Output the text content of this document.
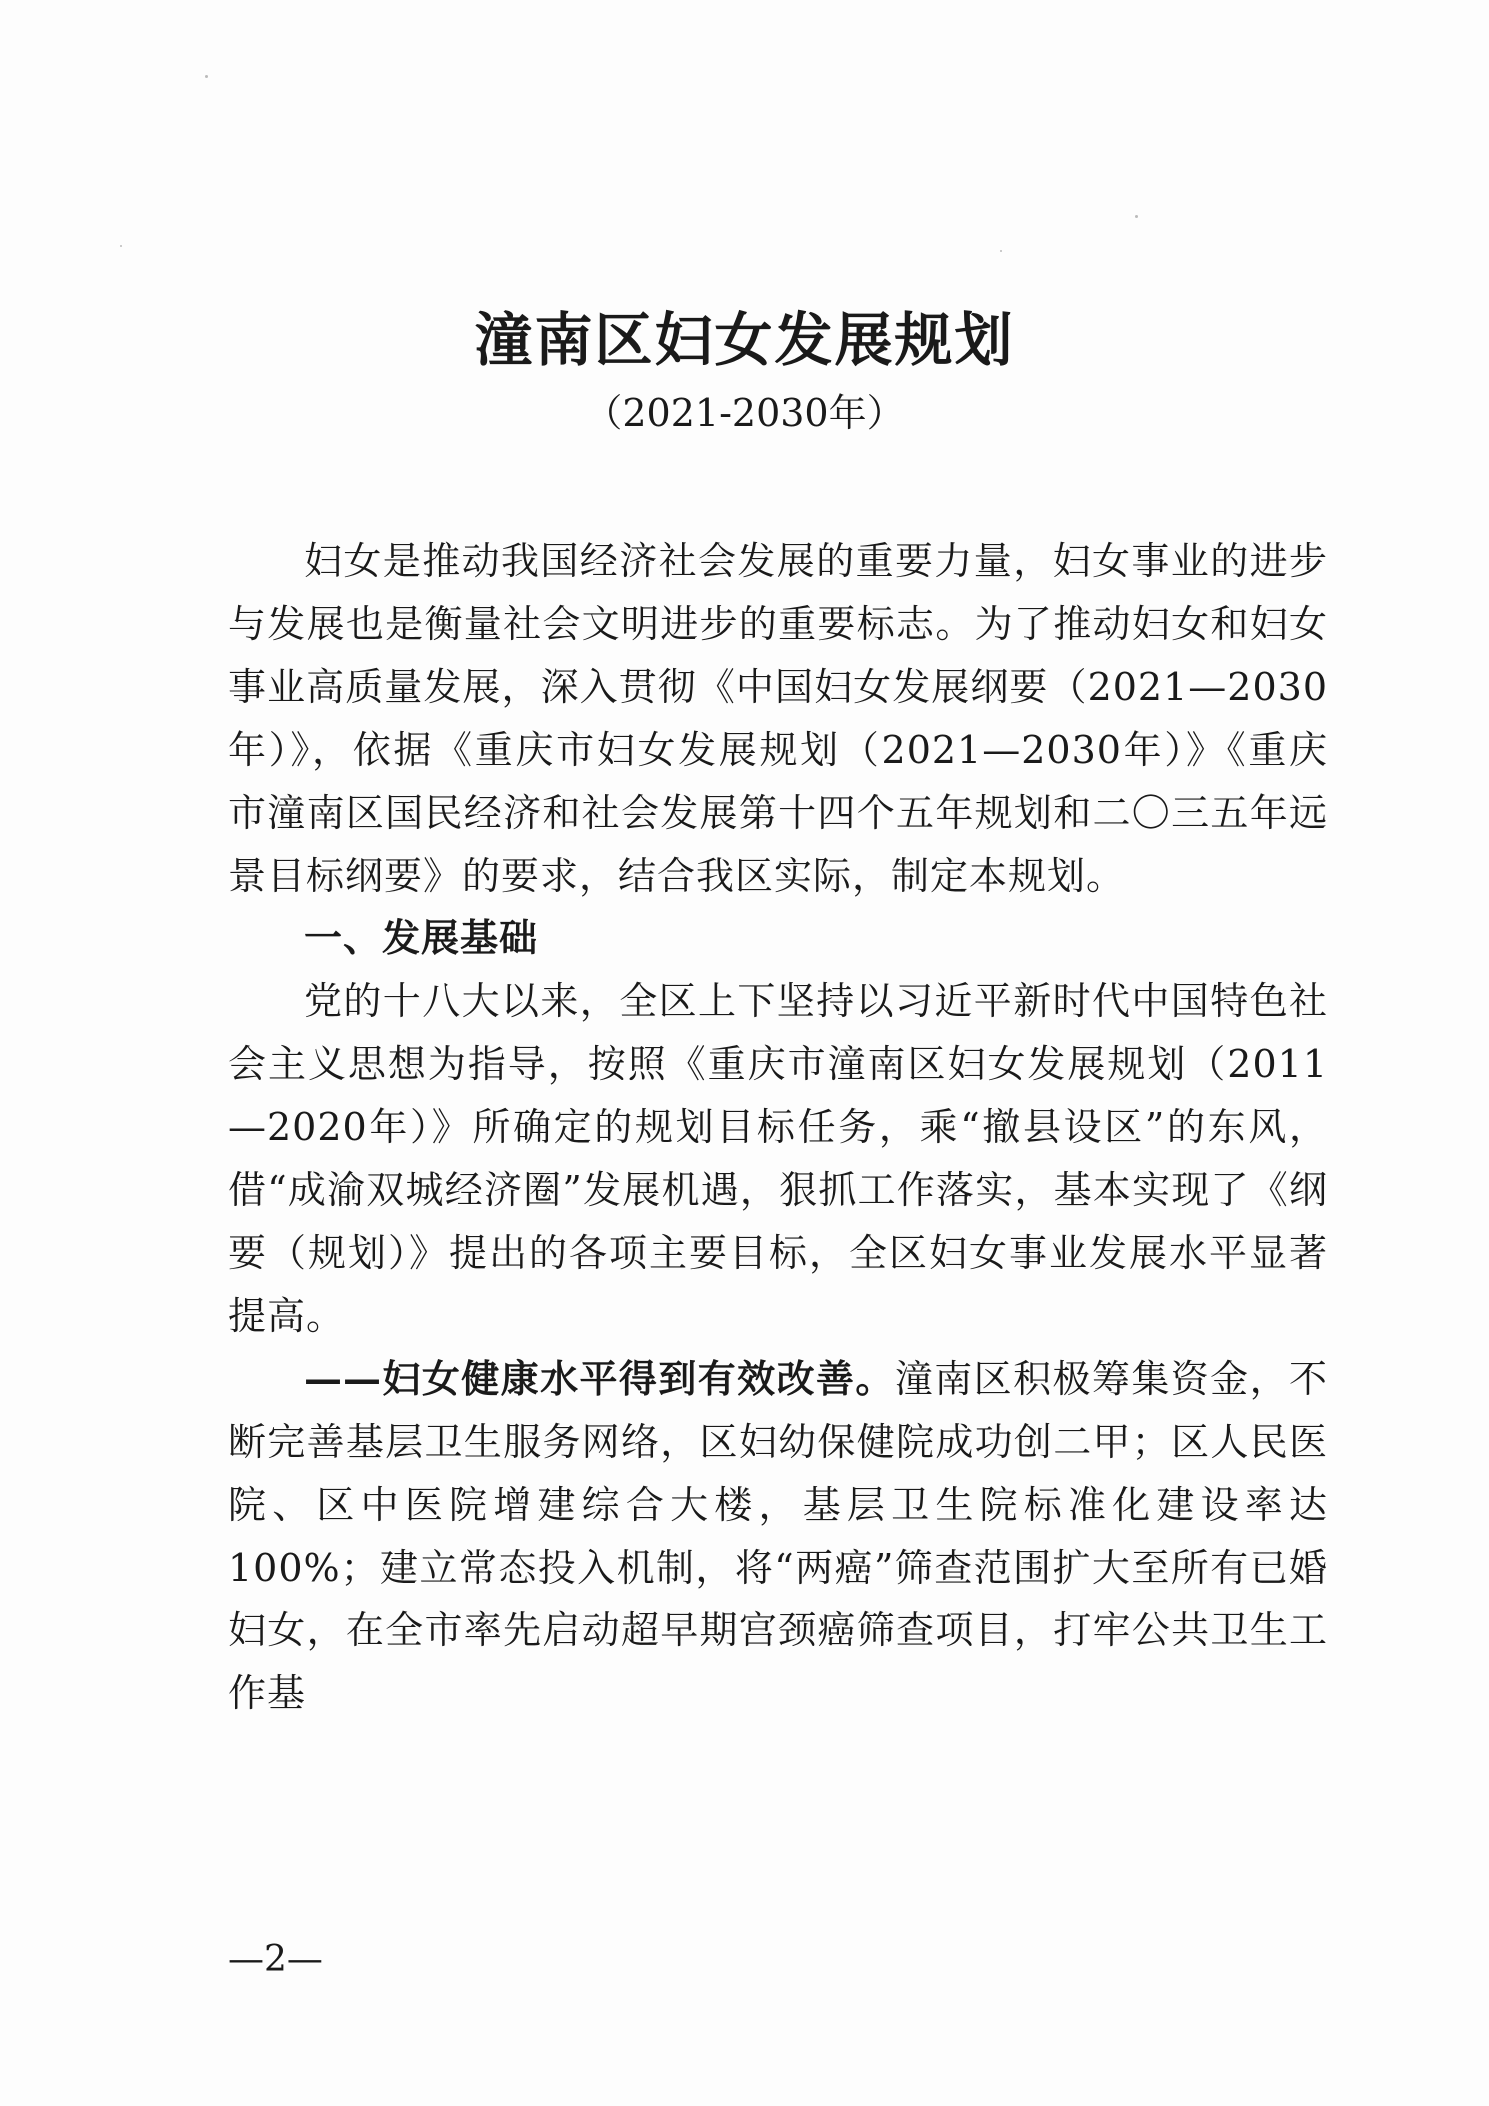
潼南区妇女发展规划
（2021-2030年）

妇女是推动我国经济社会发展的重要力量，妇女事业的进步与发展也是衡量社会文明进步的重要标志。为了推动妇女和妇女事业高质量发展，深入贯彻《中国妇女发展纲要（2021—2030年）》，依据《重庆市妇女发展规划（2021—2030年）》《重庆市潼南区国民经济和社会发展第十四个五年规划和二〇三五年远景目标纲要》的要求，结合我区实际，制定本规划。

一、发展基础

党的十八大以来，全区上下坚持以习近平新时代中国特色社会主义思想为指导，按照《重庆市潼南区妇女发展规划（2011—2020年）》所确定的规划目标任务，乘“撤县设区”的东风，借“成渝双城经济圈”发展机遇，狠抓工作落实，基本实现了《纲要（规划）》提出的各项主要目标，全区妇女事业发展水平显著提高。

——妇女健康水平得到有效改善。潼南区积极筹集资金，不断完善基层卫生服务网络，区妇幼保健院成功创二甲；区人民医院、区中医院增建综合大楼，基层卫生院标准化建设率达100%；建立常态投入机制，将“两癌”筛查范围扩大至所有已婚妇女，在全市率先启动超早期宫颈癌筛查项目，打牢公共卫生工作基

—2—
